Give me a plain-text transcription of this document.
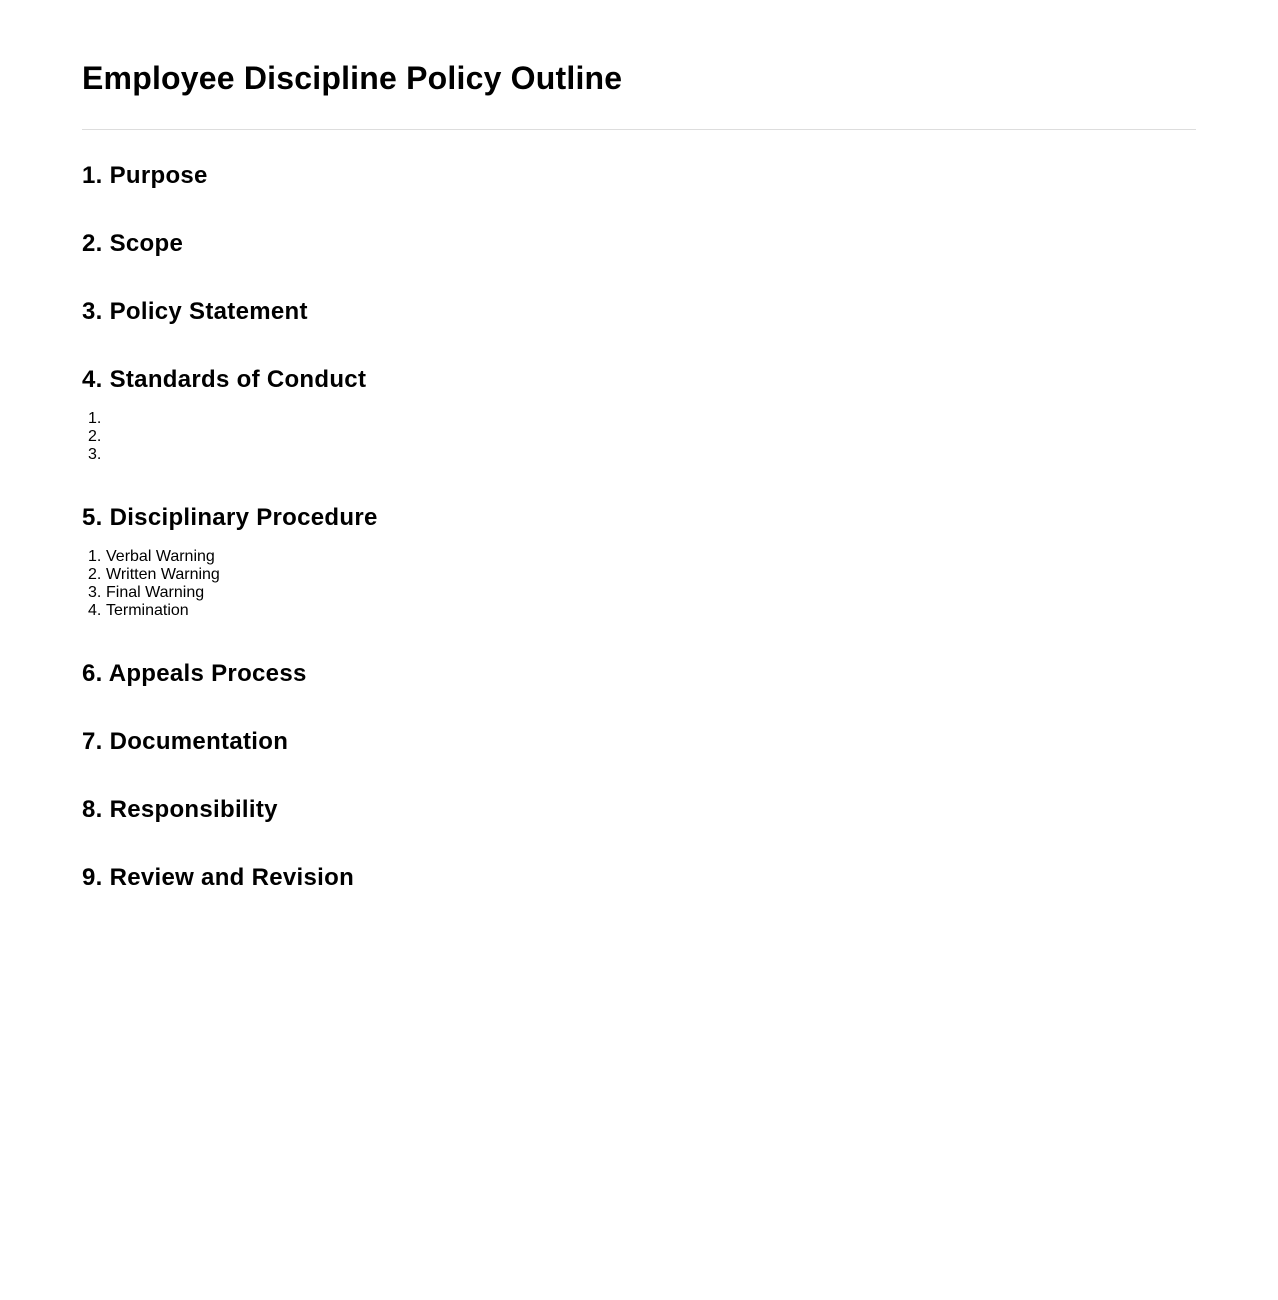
Employee Discipline Policy Outline
1. Purpose
2. Scope
3. Policy Statement
4. Standards of Conduct
1.
2.
3.
5. Disciplinary Procedure
1. Verbal Warning
2. Written Warning
3. Final Warning
4. Termination
6. Appeals Process
7. Documentation
8. Responsibility
9. Review and Revision
